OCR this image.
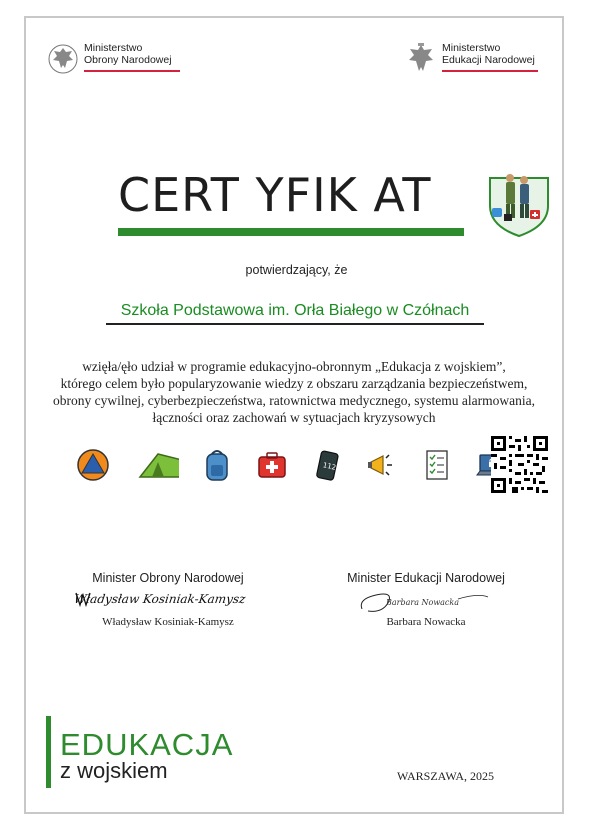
Ministerstwo
Obrony Narodowej
Ministerstwo
Edukacji Narodowej
CERT YFIK AT
potwierdzający, że
Szkoła Podstawowa im. Orła Białego w Czółnach
wzięła/ęło udział w programie edukacyjno-obronnym „Edukacja z wojskiem”,
którego celem było popularyzowanie wiedzy z obszaru zarządzania bezpieczeństwem,
obrony cywilnej, cyberbezpieczeństwa, ratownictwa medycznego, systemu alarmowania,
łączności oraz zachowań w sytuacjach kryzysowych
112
Minister Obrony Narodowej
Władysław Kosiniak-Kamysz
Władysław Kosiniak-Kamysz
Minister Edukacji Narodowej
Barbara Nowacka
Barbara Nowacka
EDUKACJA
z wojskiem	WARSZAWA, 2025
